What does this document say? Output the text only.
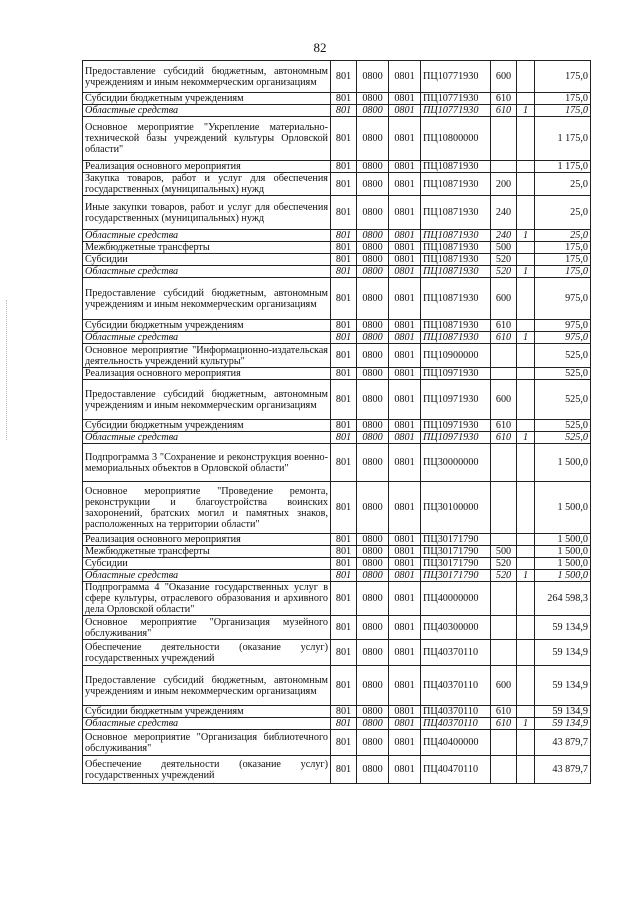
82
Предоставление субсидий бюджетным, автономным учреждениям и иным некоммерческим организациям	801	0800	0801	ПЦ10771930	600		175,0
Субсидии бюджетным учреждениям	801	0800	0801	ПЦ10771930	610		175,0
Областные средства	801	0800	0801	ПЦ10771930	610	1	175,0
Основное мероприятие "Укрепление материально-технической базы учреждений культуры Орловской области"	801	0800	0801	ПЦ10800000			1 175,0
Реализация основного мероприятия	801	0800	0801	ПЦ10871930			1 175,0
Закупка товаров, работ и услуг для обеспечения государственных (муниципальных) нужд	801	0800	0801	ПЦ10871930	200		25,0
Иные закупки товаров, работ и услуг для обеспечения государственных (муниципальных) нужд	801	0800	0801	ПЦ10871930	240		25,0
Областные средства	801	0800	0801	ПЦ10871930	240	1	25,0
Межбюджетные трансферты	801	0800	0801	ПЦ10871930	500		175,0
Субсидии	801	0800	0801	ПЦ10871930	520		175,0
Областные средства	801	0800	0801	ПЦ10871930	520	1	175,0
Предоставление субсидий бюджетным, автономным учреждениям и иным некоммерческим организациям	801	0800	0801	ПЦ10871930	600		975,0
Субсидии бюджетным учреждениям	801	0800	0801	ПЦ10871930	610		975,0
Областные средства	801	0800	0801	ПЦ10871930	610	1	975,0
Основное мероприятие "Информационно-издательская деятельность учреждений культуры"	801	0800	0801	ПЦ10900000			525,0
Реализация основного мероприятия	801	0800	0801	ПЦ10971930			525,0
Предоставление субсидий бюджетным, автономным учреждениям и иным некоммерческим организациям	801	0800	0801	ПЦ10971930	600		525,0
Субсидии бюджетным учреждениям	801	0800	0801	ПЦ10971930	610		525,0
Областные средства	801	0800	0801	ПЦ10971930	610	1	525,0
Подпрограмма 3 "Сохранение и реконструкция военно-мемориальных объектов в Орловской области"	801	0800	0801	ПЦ30000000			1 500,0
Основное мероприятие "Проведение ремонта, реконструкции и благоустройства воинских захоронений, братских могил и памятных знаков, расположенных на территории области"	801	0800	0801	ПЦ30100000			1 500,0
Реализация основного мероприятия	801	0800	0801	ПЦ30171790			1 500,0
Межбюджетные трансферты	801	0800	0801	ПЦ30171790	500		1 500,0
Субсидии	801	0800	0801	ПЦ30171790	520		1 500,0
Областные средства	801	0800	0801	ПЦ30171790	520	1	1 500,0
Подпрограмма 4 "Оказание государственных услуг в сфере культуры, отраслевого образования и архивного дела Орловской области"	801	0800	0801	ПЦ40000000			264 598,3
Основное мероприятие "Организация музейного обслуживания"	801	0800	0801	ПЦ40300000			59 134,9
Обеспечение деятельности (оказание услуг) государственных учреждений	801	0800	0801	ПЦ40370110			59 134,9
Предоставление субсидий бюджетным, автономным учреждениям и иным некоммерческим организациям	801	0800	0801	ПЦ40370110	600		59 134,9
Субсидии бюджетным учреждениям	801	0800	0801	ПЦ40370110	610		59 134,9
Областные средства	801	0800	0801	ПЦ40370110	610	1	59 134,9
Основное мероприятие "Организация библиотечного обслуживания"	801	0800	0801	ПЦ40400000			43 879,7
Обеспечение деятельности (оказание услуг) государственных учреждений	801	0800	0801	ПЦ40470110			43 879,7
